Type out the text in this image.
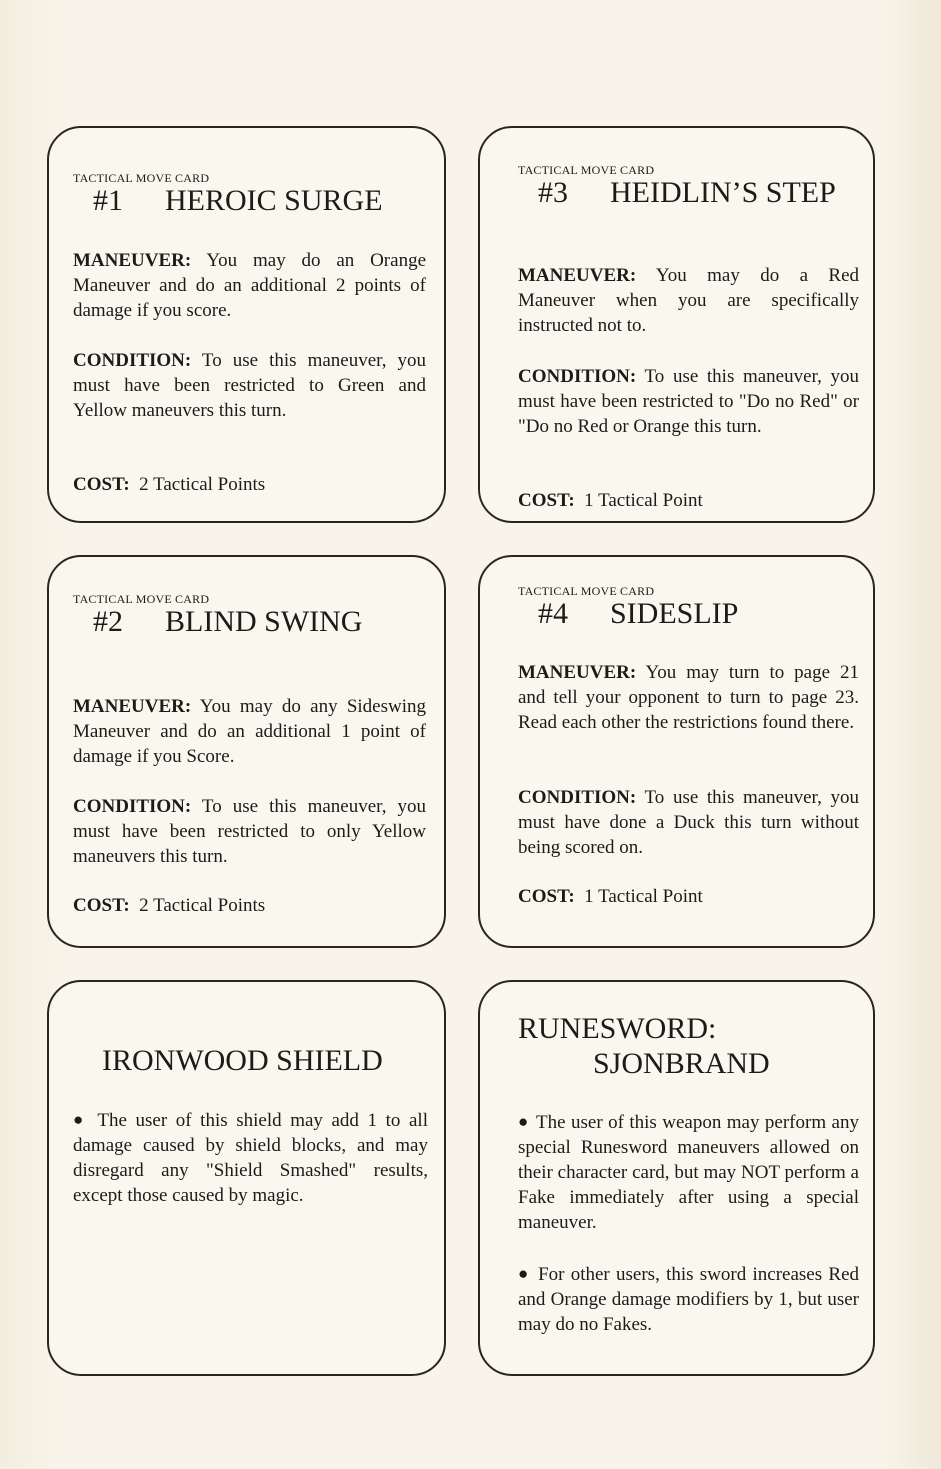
TACTICAL MOVE CARD
#1 HEROIC SURGE
MANEUVER: You may do an Orange Maneuver and do an additional 2 points of damage if you score.
CONDITION: To use this maneuver, you must have been restricted to Green and Yellow maneuvers this turn.
COST: 2 Tactical Points
TACTICAL MOVE CARD
#3 HEIDLIN’S STEP
MANEUVER: You may do a Red Maneuver when you are specifically instructed not to.
CONDITION: To use this maneuver, you must have been restricted to "Do no Red" or "Do no Red or Orange this turn.
COST: 1 Tactical Point
TACTICAL MOVE CARD
#2 BLIND SWING
MANEUVER: You may do any Sideswing Maneuver and do an additional 1 point of damage if you Score.
CONDITION: To use this maneuver, you must have been restricted to only Yellow maneuvers this turn.
COST: 2 Tactical Points
TACTICAL MOVE CARD
#4 SIDESLIP
MANEUVER: You may turn to page 21 and tell your opponent to turn to page 23. Read each other the restrictions found there.
CONDITION: To use this maneuver, you must have done a Duck this turn without being scored on.
COST: 1 Tactical Point
IRONWOOD SHIELD
● The user of this shield may add 1 to all damage caused by shield blocks, and may disregard any "Shield Smashed" results, except those caused by magic.
RUNESWORD:
SJONBRAND
● The user of this weapon may perform any special Runesword maneuvers allowed on their character card, but may NOT perform a Fake immediately after using a special maneuver.
● For other users, this sword increases Red and Orange damage modifiers by 1, but user may do no Fakes.
